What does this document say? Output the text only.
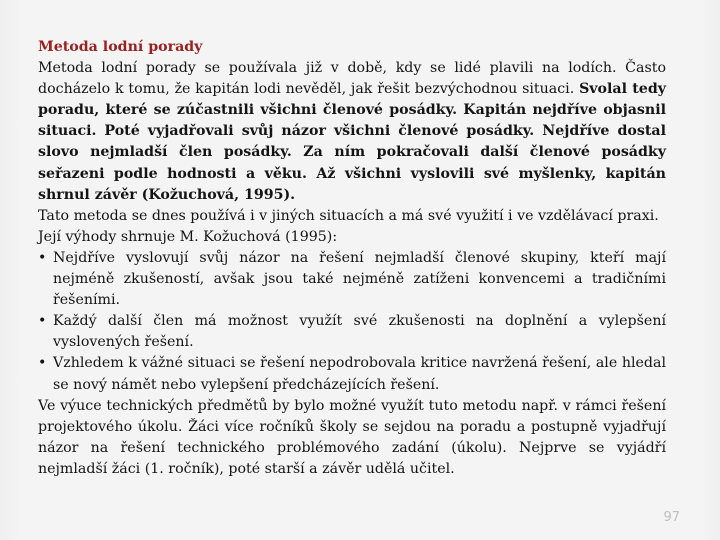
Metoda lodní porady

Metoda lodní porady se používala již v době, kdy se lidé plavili na lodích. Často docházelo k tomu, že kapitán lodi nevěděl, jak řešit bezvýchodnou situaci. Svolal tedy poradu, které se zúčastnili všichni členové posádky. Kapitán nejdříve objasnil situaci. Poté vyjadřovali svůj názor všichni členové posádky. Nejdříve dostal slovo nejmladší člen posádky. Za ním pokračovali další členové posádky seřazeni podle hodnosti a věku. Až všichni vyslovili své myšlenky, kapitán shrnul závěr (Kožuchová, 1995).

Tato metoda se dnes používá i v jiných situacích a má své využití i ve vzdělávací praxi.

Její výhody shrnuje M. Kožuchová (1995):

• Nejdříve vyslovují svůj názor na řešení nejmladší členové skupiny, kteří mají nejméně zkušeností, avšak jsou také nejméně zatíženi konvencemi a tradičními řešeními.
• Každý další člen má možnost využít své zkušenosti na doplnění a vylepšení vyslovených řešení.
• Vzhledem k vážné situaci se řešení nepodrobovala kritice navržená řešení, ale hledal se nový námět nebo vylepšení předcházejících řešení.

Ve výuce technických předmětů by bylo možné využít tuto metodu např. v rámci řešení projektového úkolu. Žáci více ročníků školy se sejdou na poradu a postupně vyjadřují názor na řešení technického problémového zadání (úkolu). Nejprve se vyjádří nejmladší žáci (1. ročník), poté starší a závěr udělá učitel.

97
